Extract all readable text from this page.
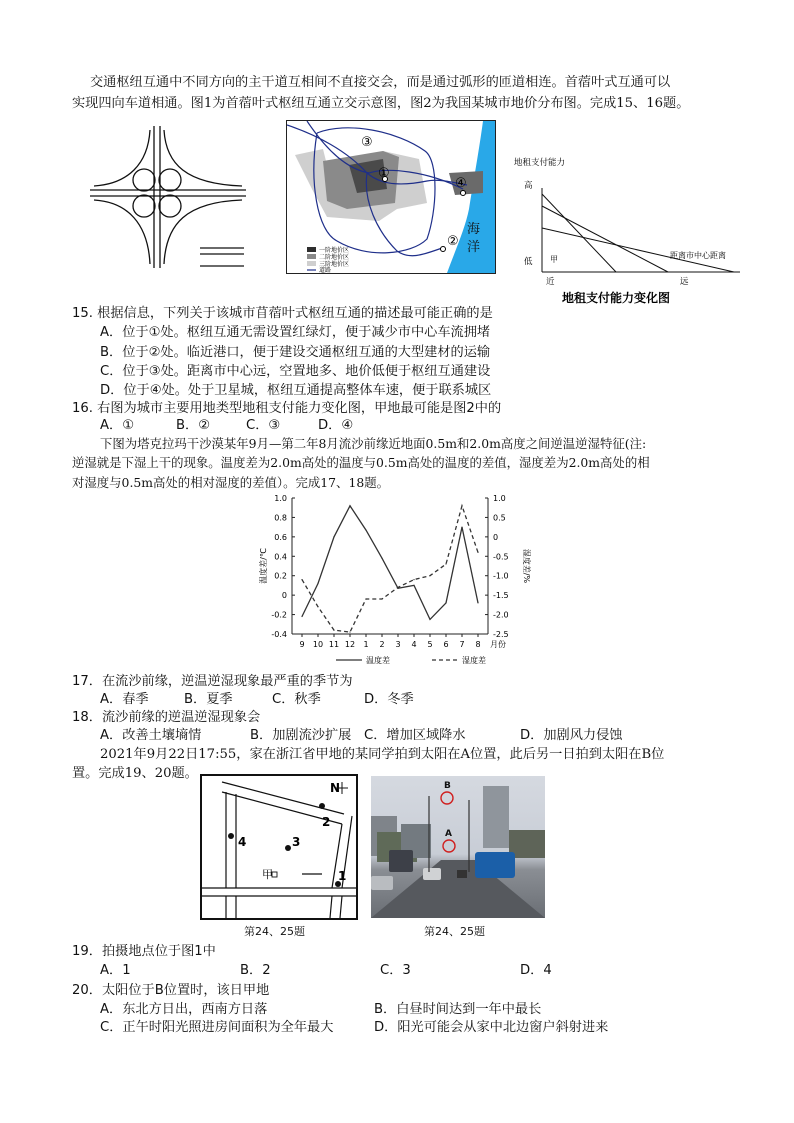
交通枢纽互通中不同方向的主干道互相间不直接交会，而是通过弧形的匝道相连。首蓿叶式互通可以
实现四向车道相通。图1为首蓿叶式枢纽互通立交示意图，图2为我国某城市地价分布图。完成15、16题。
③
①
④
②
海
洋
一阶地价区
二阶地价区
三阶地价区
道路
地租支付能力
高
低 甲	距离市中心距离
近	远
地租支付能力变化图
15. 根据信息，下列关于该城市苜蓿叶式枢纽互通的描述最可能正确的是
A．位于①处。枢纽互通无需设置红绿灯，便于减少市中心车流拥堵
B．位于②处。临近港口，便于建设交通枢纽互通的大型建材的运输
C．位于③处。距离市中心远，空置地多、地价低便于枢纽互通建设
D．位于④处。处于卫星城，枢纽互通提高整体车速，便于联系城区
16. 右图为城市主要用地类型地租支付能力变化图，甲地最可能是图2中的
A．①	B．②	C．③	D．④
下图为塔克拉玛干沙漠某年9月—第二年8月流沙前缘近地面0.5m和2.0m高度之间逆温逆湿特征(注:
逆湿就是下湿上干的现象。温度差为2.0m高处的温度与0.5m高处的温度的差值，湿度差为2.0m高处的相
对湿度与0.5m高处的相对湿度的差值）。完成17、18题。
-0.4
-0.2
0
0.2
0.4
0.6
0.8
1.0
-2.5
-2.0
-1.5
-1.0
-0.5
0
0.5
1.0
9 10 11 12 1 2 3 4 5 6 7 8 月份
温度差/℃	湿度差/%
温度差	湿度差
17．在流沙前缘，逆温逆湿现象最严重的季节为
A．春季	B．夏季	C．秋季	D．冬季
18．流沙前缘的逆温逆湿现象会
A．改善土壤墒情	B．加剧流沙扩展 C．增加区域降水	D．加剧风力侵蚀
2021年9月22日17:55，家在浙江省甲地的某同学拍到太阳在A位置，此后另一日拍到太阳在B位
置。完成19、20题。
N
1
2
3
4
甲
第24、25题
B
A
第24、25题
19．拍摄地点位于图1中
A．1	B．2	C．3	D．4
20．太阳位于B位置时，该日甲地
A．东北方日出，西南方日落	B．白昼时间达到一年中最长
C．正午时阳光照进房间面积为全年最大	D．阳光可能会从家中北边窗户斜射进来
